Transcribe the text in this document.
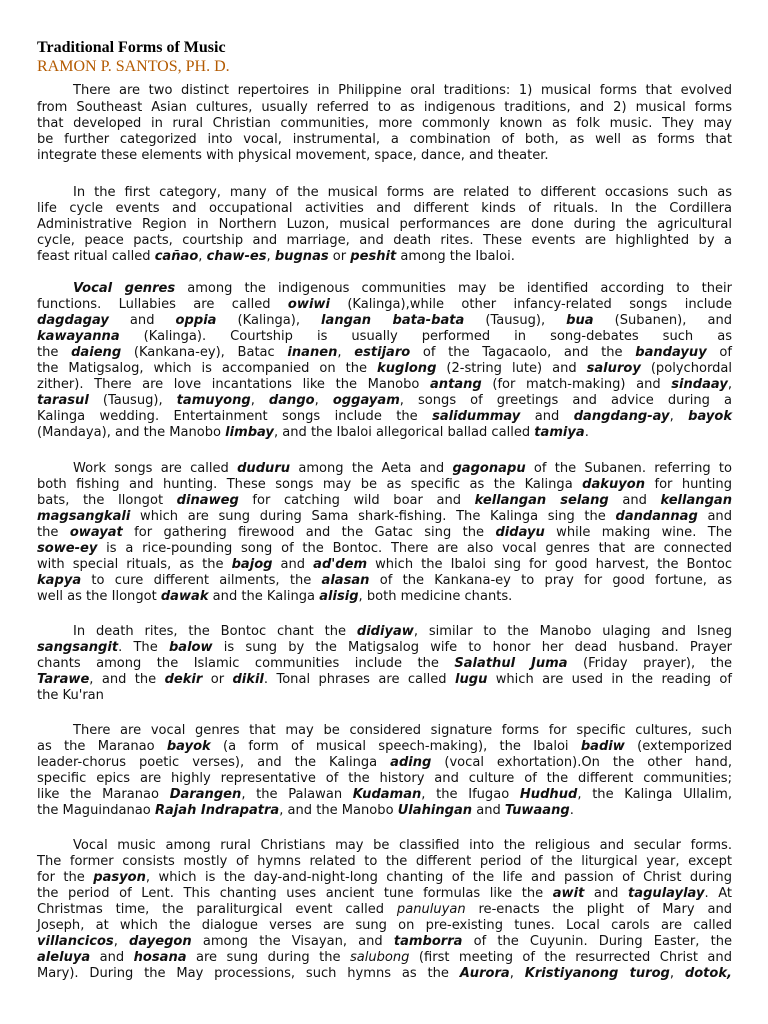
Traditional Forms of Music
RAMON P. SANTOS, PH. D.
There are two distinct repertoires in Philippine oral traditions: 1) musical forms that evolved
from Southeast Asian cultures, usually referred to as indigenous traditions, and 2) musical forms
that developed in rural Christian communities, more commonly known as folk music. They may
be further categorized into vocal, instrumental, a combination of both, as well as forms that
integrate these elements with physical movement, space, dance, and theater.
In the first category, many of the musical forms are related to different occasions such as
life cycle events and occupational activities and different kinds of rituals. In the Cordillera
Administrative Region in Northern Luzon, musical performances are done during the agricultural
cycle, peace pacts, courtship and marriage, and death rites. These events are highlighted by a
feast ritual called cañao, chaw-es, bugnas or peshit among the Ibaloi.
Vocal genres among the indigenous communities may be identified according to their
functions. Lullabies are called owiwi (Kalinga),while other infancy-related songs include
dagdagay and oppia (Kalinga), langan bata-bata (Tausug), bua (Subanen), and
kawayanna (Kalinga). Courtship is usually performed in song-debates such as
the daieng (Kankana-ey), Batac inanen, estijaro of the Tagacaolo, and the bandayuy of
the Matigsalog, which is accompanied on the kuglong (2-string lute) and saluroy (polychordal
zither). There are love incantations like the Manobo antang (for match-making) and sindaay,
tarasul (Tausug), tamuyong, dango, oggayam, songs of greetings and advice during a
Kalinga wedding. Entertainment songs include the salidummay and dangdang-ay, bayok
(Mandaya), and the Manobo limbay, and the Ibaloi allegorical ballad called tamiya.
Work songs are called duduru among the Aeta and gagonapu of the Subanen. referring to
both fishing and hunting. These songs may be as specific as the Kalinga dakuyon for hunting
bats, the Ilongot dinaweg for catching wild boar and kellangan selang and kellangan
magsangkali which are sung during Sama shark-fishing. The Kalinga sing the dandannag and
the owayat for gathering firewood and the Gatac sing the didayu while making wine. The
sowe-ey is a rice-pounding song of the Bontoc. There are also vocal genres that are connected
with special rituals, as the bajog and ad'dem which the Ibaloi sing for good harvest, the Bontoc
kapya to cure different ailments, the alasan of the Kankana-ey to pray for good fortune, as
well as the Ilongot dawak and the Kalinga alisig, both medicine chants.
In death rites, the Bontoc chant the didiyaw, similar to the Manobo ulaging and Isneg
sangsangit. The balow is sung by the Matigsalog wife to honor her dead husband. Prayer
chants among the Islamic communities include the Salathul Juma (Friday prayer), the
Tarawe, and the dekir or dikil. Tonal phrases are called lugu which are used in the reading of
the Ku'ran
There are vocal genres that may be considered signature forms for specific cultures, such
as the Maranao bayok (a form of musical speech-making), the Ibaloi badiw (extemporized
leader-chorus poetic verses), and the Kalinga ading (vocal exhortation).On the other hand,
specific epics are highly representative of the history and culture of the different communities;
like the Maranao Darangen, the Palawan Kudaman, the Ifugao Hudhud, the Kalinga Ullalim,
the Maguindanao Rajah Indrapatra, and the Manobo Ulahingan and Tuwaang.
Vocal music among rural Christians may be classified into the religious and secular forms.
The former consists mostly of hymns related to the different period of the liturgical year, except
for the pasyon, which is the day-and-night-long chanting of the life and passion of Christ during
the period of Lent. This chanting uses ancient tune formulas like the awit and tagulaylay. At
Christmas time, the paraliturgical event called panuluyan re-enacts the plight of Mary and
Joseph, at which the dialogue verses are sung on pre-existing tunes. Local carols are called
villancicos, dayegon among the Visayan, and tamborra of the Cuyunin. During Easter, the
aleluya and hosana are sung during the salubong (first meeting of the resurrected Christ and
Mary). During the May processions, such hymns as the Aurora, Kristiyanong turog, dotok,
